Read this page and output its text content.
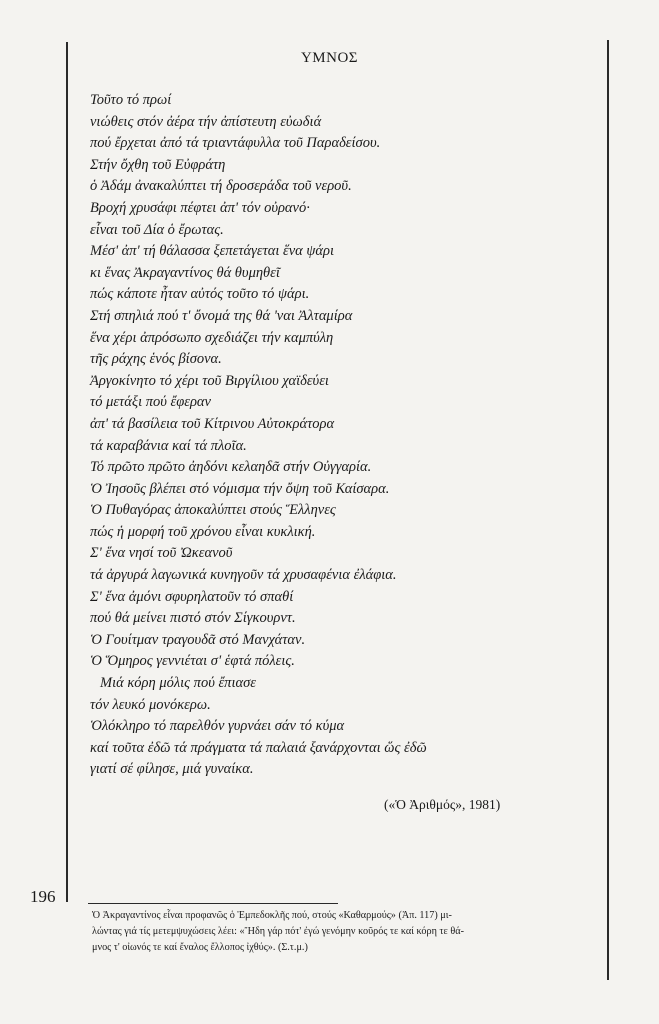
ΥΜΝΟΣ
Τοῦτο τό πρωί
νιώθεις στόν ἀέρα τήν ἀπίστευτη εὐωδιά
πού ἔρχεται ἀπό τά τριαντάφυλλα τοῦ Παραδείσου.
Στήν ὄχθη τοῦ Εὐφράτη
ὁ Ἀδάμ ἀνακαλύπτει τή δροσεράδα τοῦ νεροῦ.
Βροχή χρυσάφι πέφτει ἀπ' τόν οὐρανό·
εἶναι τοῦ Δία ὁ ἔρωτας.
Μέσ' ἀπ' τή θάλασσα ξεπετάγεται ἕνα ψάρι
κι ἕνας Ἀκραγαντίνος θά θυμηθεῖ
πώς κάποτε ἦταν αὐτός τοῦτο τό ψάρι.
Στή σπηλιά πού τ' ὄνομά της θά 'ναι Ἀλταμίρα
ἕνα χέρι ἀπρόσωπο σχεδιάζει τήν καμπύλη
τῆς ράχης ἑνός βίσονα.
Ἀργοκίνητο τό χέρι τοῦ Βιργίλιου χαϊδεύει
τό μετάξι πού ἔφεραν
ἀπ' τά βασίλεια τοῦ Κίτρινου Αὐτοκράτορα
τά καραβάνια καί τά πλοῖα.
Τό πρῶτο πρῶτο ἀηδόνι κελαηδᾶ στήν Οὐγγαρία.
Ὁ Ἰησοῦς βλέπει στό νόμισμα τήν ὄψη τοῦ Καίσαρα.
Ὁ Πυθαγόρας ἀποκαλύπτει στούς Ἕλληνες
πώς ἡ μορφή τοῦ χρόνου εἶναι κυκλική.
Σ' ἕνα νησί τοῦ Ὠκεανοῦ
τά ἀργυρά λαγωνικά κυνηγοῦν τά χρυσαφένια ἐλάφια.
Σ' ἕνα ἀμόνι σφυρηλατοῦν τό σπαθί
πού θά μείνει πιστό στόν Σίγκουρντ.
Ὁ Γουίτμαν τραγουδᾶ στό Μανχάταν.
Ὁ Ὅμηρος γεννιέται σ' ἑφτά πόλεις.
Μιά κόρη μόλις πού ἔπιασε
τόν λευκό μονόκερω.
Ὁλόκληρο τό παρελθόν γυρνάει σάν τό κύμα
καί τοῦτα ἐδῶ τά πράγματα τά παλαιά ξανάρχονται ὥς ἐδῶ
γιατί σέ φίλησε, μιά γυναίκα.
(«Ὁ Ἀριθμός», 1981)
196
Ὁ Ἀκραγαντίνος εἶναι προφανῶς ὁ Ἐμπεδοκλῆς πού, στούς «Καθαρμούς» (Ἀπ. 117) μι-
λώντας γιά τίς μετεμψυχώσεις λέει: «Ἤδη γάρ πότ' ἐγώ γενόμην κοῦρός τε καί κόρη τε θά-
μνος τ' οἰωνός τε καί ἔναλος ἔλλοπος ἰχθύς». (Σ.τ.μ.)
